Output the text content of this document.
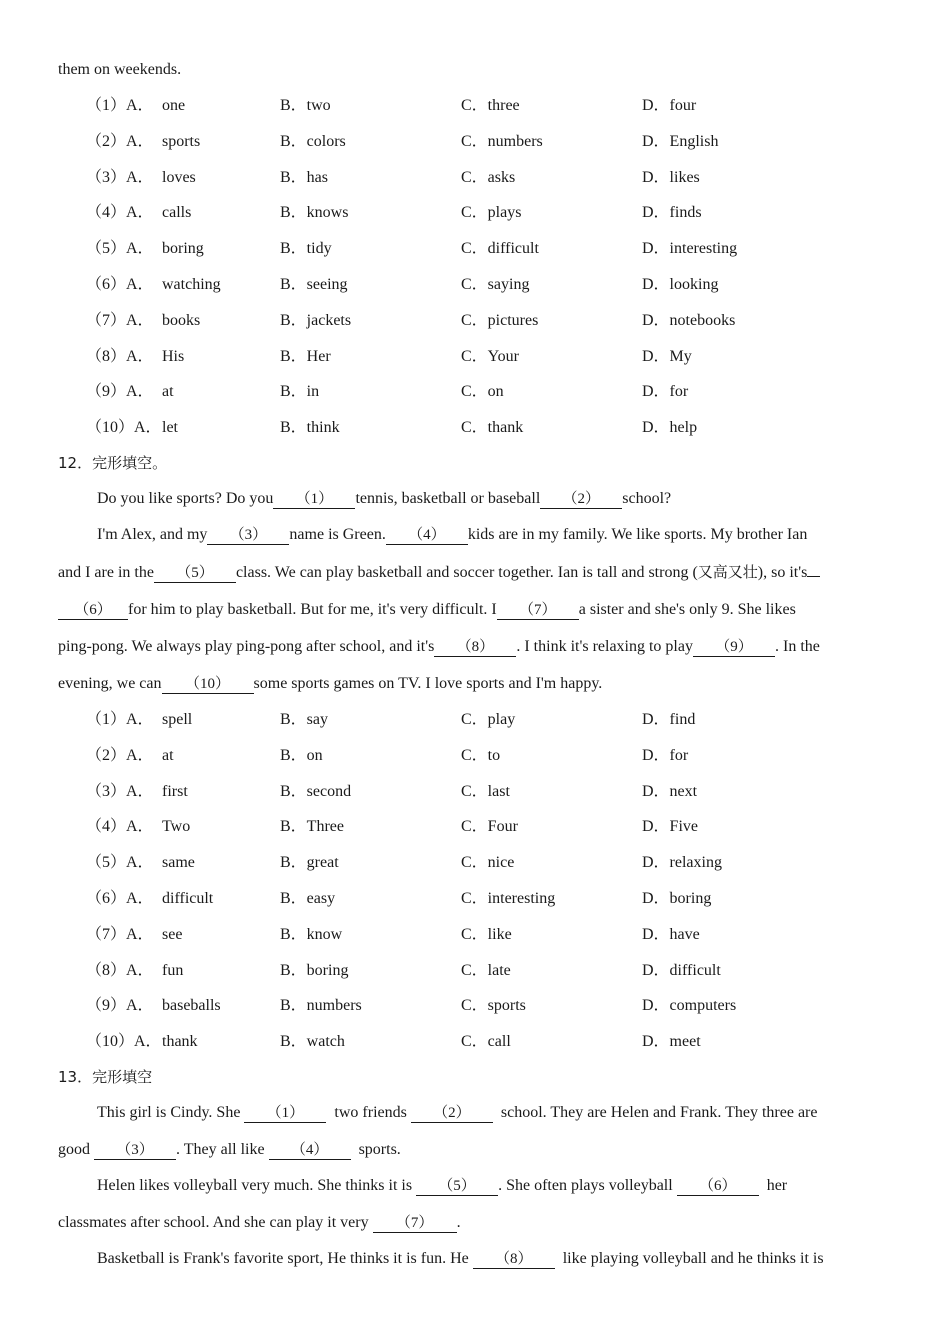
them on weekends.
（1）A． one	B．two	C．three	D．four
（2）A． sports	B．colors	C．numbers	D．English
（3）A． loves	B．has	C．asks	D．likes
（4）A． calls	B．knows	C．plays	D．finds
（5）A． boring	B．tidy	C．difficult	D．interesting
（6）A． watching	B．seeing	C．saying	D．looking
（7）A． books	B．jackets	C．pictures	D．notebooks
（8）A． His	B．Her	C．Your	D．My
（9）A． at	B．in	C．on	D．for
（10）A． let	B．think	C．thank	D．help
12．完形填空。
Do you like sports? Do you （1） tennis, basketball or baseball （2） school?
I'm Alex, and my （3） name is Green. （4） kids are in my family. We like sports. My brother Ian
and I are in the （5） class. We can play basketball and soccer together. Ian is tall and strong (又高又壮), so it's
（6） for him to play basketball. But for me, it's very difficult. I （7） a sister and she's only 9. She likes
ping-pong. We always play ping-pong after school, and it's （8） . I think it's relaxing to play （9） . In the
evening, we can （10） some sports games on TV. I love sports and I'm happy.
（1）A． spell	B．say	C．play	D．find
（2）A． at	B．on	C．to	D．for
（3）A． first	B．second	C．last	D．next
（4）A． Two	B．Three	C．Four	D．Five
（5）A． same	B．great	C．nice	D．relaxing
（6）A． difficult	B．easy	C．interesting	D．boring
（7）A． see	B．know	C．like	D．have
（8）A． fun	B．boring	C．late	D．difficult
（9）A． baseballs	B．numbers	C．sports	D．computers
（10）A． thank	B．watch	C．call	D．meet
13．完形填空
This girl is Cindy. She （1） two friends （2） school. They are Helen and Frank. They three are
good （3） . They all like （4） sports.
Helen likes volleyball very much. She thinks it is （5） . She often plays volleyball （6） her
classmates after school. And she can play it very （7） .
Basketball is Frank's favorite sport, He thinks it is fun. He （8） like playing volleyball and he thinks it is
